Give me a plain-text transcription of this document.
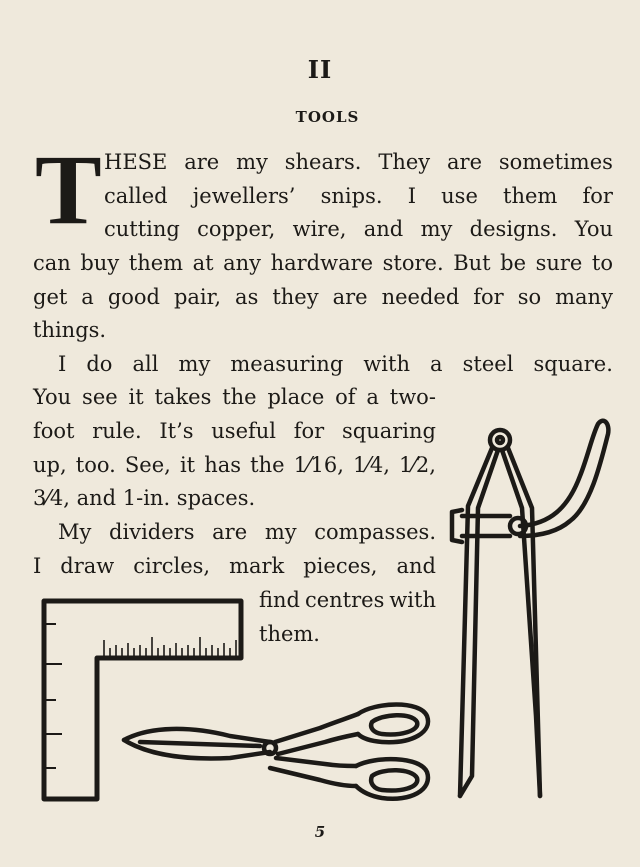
II
TOOLS
T HESE are my shears. They are sometimes
called jewellers’ snips. I use them for
cutting copper, wire, and my designs. You
can buy them at any hardware store. But be sure to
get a good pair, as they are needed for so many
things.
I do all my measuring with a steel square.
You see it takes the place of a two-
foot rule. It’s useful for squaring
up, too. See, it has the 1⁄16, 1⁄4, 1⁄2,
3⁄4, and 1-in. spaces.
My dividers are my compasses.
I draw circles, mark pieces, and
find centres with
them.
5
